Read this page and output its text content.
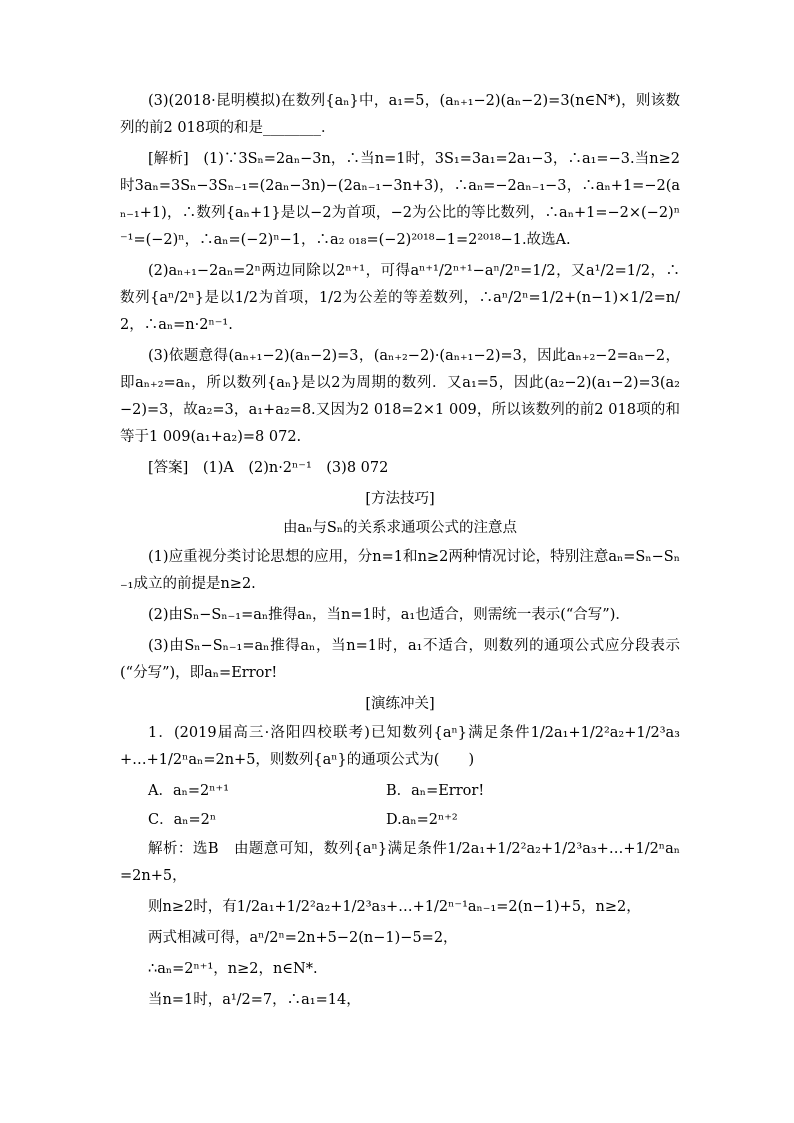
(3)(2018·昆明模拟)在数列{aₙ}中，a₁=5，(aₙ₊₁−2)(aₙ−2)=3(n∈N*)，则该数列的前2 018项的和是________．

[解析]　(1)∵3Sₙ=2aₙ−3n，∴当n=1时，3S₁=3a₁=2a₁−3，∴a₁=−3.当n≥2时3aₙ=3Sₙ−3Sₙ₋₁=(2aₙ−3n)−(2aₙ₋₁−3n+3)，∴aₙ=−2aₙ₋₁−3，∴aₙ+1=−2(aₙ₋₁+1)，∴数列{aₙ+1}是以−2为首项，−2为公比的等比数列，∴aₙ+1=−2×(−2)ⁿ⁻¹=(−2)ⁿ，∴aₙ=(−2)ⁿ−1，∴a₂ ₀₁₈=(−2)²⁰¹⁸−1=2²⁰¹⁸−1.故选A.

(2)aₙ₊₁−2aₙ=2ⁿ两边同除以2ⁿ⁺¹，可得aⁿ⁺¹/2ⁿ⁺¹−aⁿ/2ⁿ=1/2，又a¹/2=1/2，∴数列{aⁿ/2ⁿ}是以1/2为首项，1/2为公差的等差数列，∴aⁿ/2ⁿ=1/2+(n−1)×1/2=n/2，∴aₙ=n·2ⁿ⁻¹.

(3)依题意得(aₙ₊₁−2)(aₙ−2)=3，(aₙ₊₂−2)·(aₙ₊₁−2)=3，因此aₙ₊₂−2=aₙ−2，即aₙ₊₂=aₙ，所以数列{aₙ}是以2为周期的数列．又a₁=5，因此(a₂−2)(a₁−2)=3(a₂−2)=3，故a₂=3，a₁+a₂=8.又因为2 018=2×1 009，所以该数列的前2 018项的和等于1 009(a₁+a₂)=8 072.

[答案]　(1)A　(2)n·2ⁿ⁻¹　(3)8 072

[方法技巧]

由aₙ与Sₙ的关系求通项公式的注意点

(1)应重视分类讨论思想的应用，分n=1和n≥2两种情况讨论，特别注意aₙ=Sₙ−Sₙ₋₁成立的前提是n≥2.

(2)由Sₙ−Sₙ₋₁=aₙ推得aₙ，当n=1时，a₁也适合，则需统一表示(“合写”)．

(3)由Sₙ−Sₙ₋₁=aₙ推得aₙ，当n=1时，a₁不适合，则数列的通项公式应分段表示(“分写”)，即aₙ=Error!

[演练冲关]

1．(2019届高三·洛阳四校联考)已知数列{aⁿ}满足条件1/2a₁+1/2²a₂+1/2³a₃+…+1/2ⁿaₙ=2n+5，则数列{aⁿ}的通项公式为(　　)

A．aₙ=2ⁿ⁺¹	B．aₙ=Error!
C．aₙ=2ⁿ	D.aₙ=2ⁿ⁺²

解析：选B　由题意可知，数列{aⁿ}满足条件1/2a₁+1/2²a₂+1/2³a₃+…+1/2ⁿaₙ=2n+5，

则n≥2时，有1/2a₁+1/2²a₂+1/2³a₃+…+1/2ⁿ⁻¹aₙ₋₁=2(n−1)+5，n≥2，

两式相减可得，aⁿ/2ⁿ=2n+5−2(n−1)−5=2，

∴aₙ=2ⁿ⁺¹，n≥2，n∈N*.

当n=1时，a¹/2=7，∴a₁=14，
